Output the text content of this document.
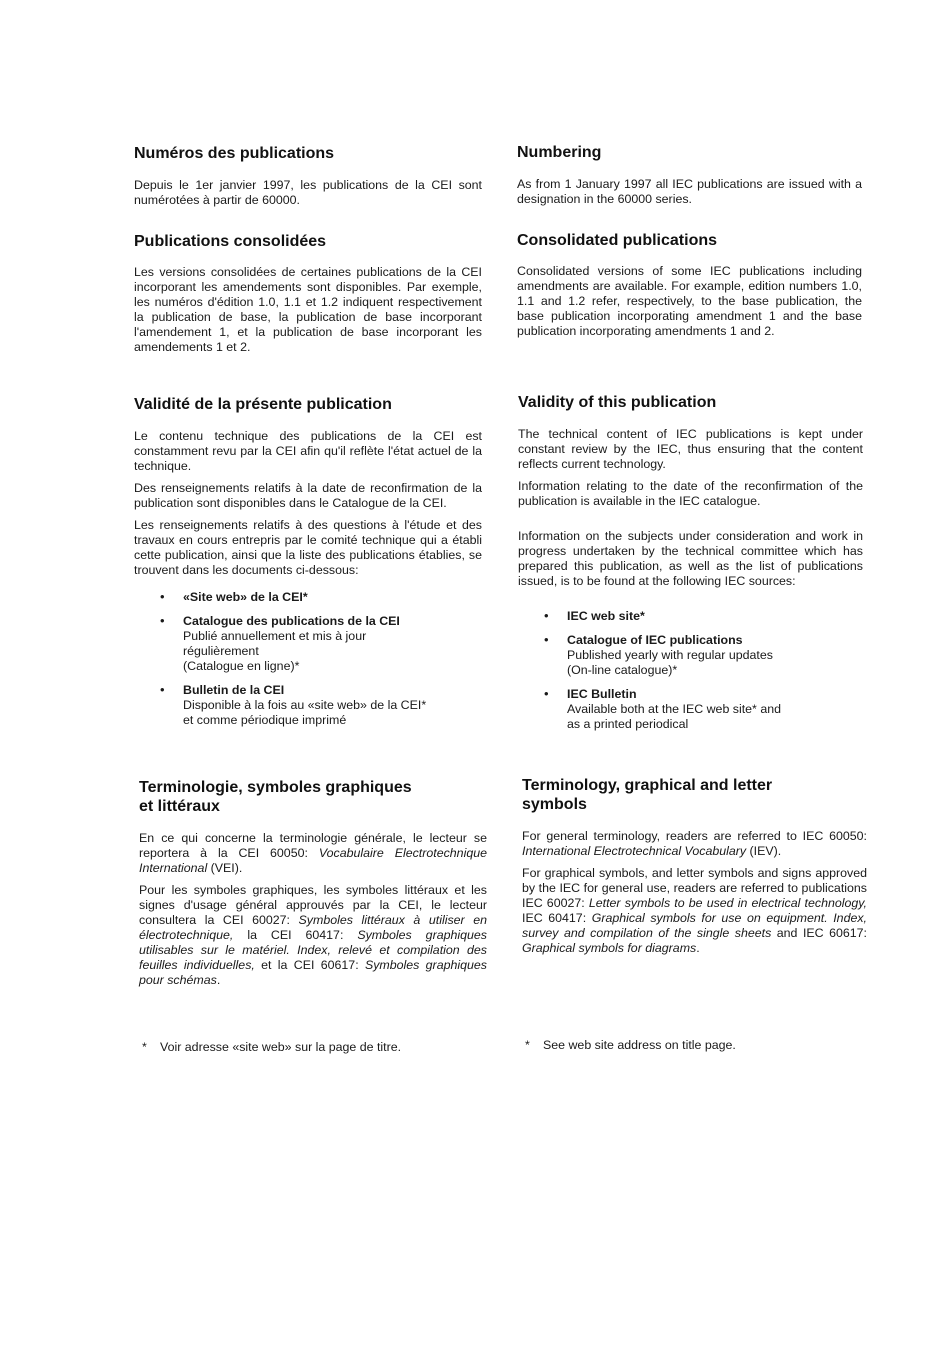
Numéros des publications

Depuis le 1er janvier 1997, les publications de la CEI sont numérotées à partir de 60000.

Publications consolidées

Les versions consolidées de certaines publications de la CEI incorporant les amendements sont disponibles. Par exemple, les numéros d'édition 1.0, 1.1 et 1.2 indiquent respectivement la publication de base, la publication de base incorporant l'amendement 1, et la publication de base incorporant les amendements 1 et 2.

Validité de la présente publication

Le contenu technique des publications de la CEI est constamment revu par la CEI afin qu'il reflète l'état actuel de la technique.

Des renseignements relatifs à la date de reconfirmation de la publication sont disponibles dans le Catalogue de la CEI.

Les renseignements relatifs à des questions à l'étude et des travaux en cours entrepris par le comité technique qui a établi cette publication, ainsi que la liste des publications établies, se trouvent dans les documents ci-dessous:

• «Site web» de la CEI*
• Catalogue des publications de la CEI
Publié annuellement et mis à jour
régulièrement
(Catalogue en ligne)*
• Bulletin de la CEI
Disponible à la fois au «site web» de la CEI*
et comme périodique imprimé
Terminologie, symboles graphiques
et littéraux

En ce qui concerne la terminologie générale, le lecteur se reportera à la CEI 60050: Vocabulaire Electrotechnique International (VEI).

Pour les symboles graphiques, les symboles littéraux et les signes d'usage général approuvés par la CEI, le lecteur consultera la CEI 60027: Symboles littéraux à utiliser en électrotechnique, la CEI 60417: Symboles graphiques utilisables sur le matériel. Index, relevé et compilation des feuilles individuelles, et la CEI 60617: Symboles graphiques pour schémas.

* Voir adresse «site web» sur la page de titre.
Numbering

As from 1 January 1997 all IEC publications are issued with a designation in the 60000 series.

Consolidated publications

Consolidated versions of some IEC publications including amendments are available. For example, edition numbers 1.0, 1.1 and 1.2 refer, respectively, to the base publication, the base publication incorporating amendment 1 and the base publication incorporating amendments 1 and 2.

Validity of this publication

The technical content of IEC publications is kept under constant review by the IEC, thus ensuring that the content reflects current technology.

Information relating to the date of the reconfirmation of the publication is available in the IEC catalogue.

Information on the subjects under consideration and work in progress undertaken by the technical committee which has prepared this publication, as well as the list of publications issued, is to be found at the following IEC sources:

• IEC web site*
• Catalogue of IEC publications
Published yearly with regular updates
(On-line catalogue)*
• IEC Bulletin
Available both at the IEC web site* and
as a printed periodical
Terminology, graphical and letter
symbols

For general terminology, readers are referred to IEC 60050: International Electrotechnical Vocabulary (IEV).

For graphical symbols, and letter symbols and signs approved by the IEC for general use, readers are referred to publications IEC 60027: Letter symbols to be used in electrical technology, IEC 60417: Graphical symbols for use on equipment. Index, survey and compilation of the single sheets and IEC 60617: Graphical symbols for diagrams.

* See web site address on title page.
